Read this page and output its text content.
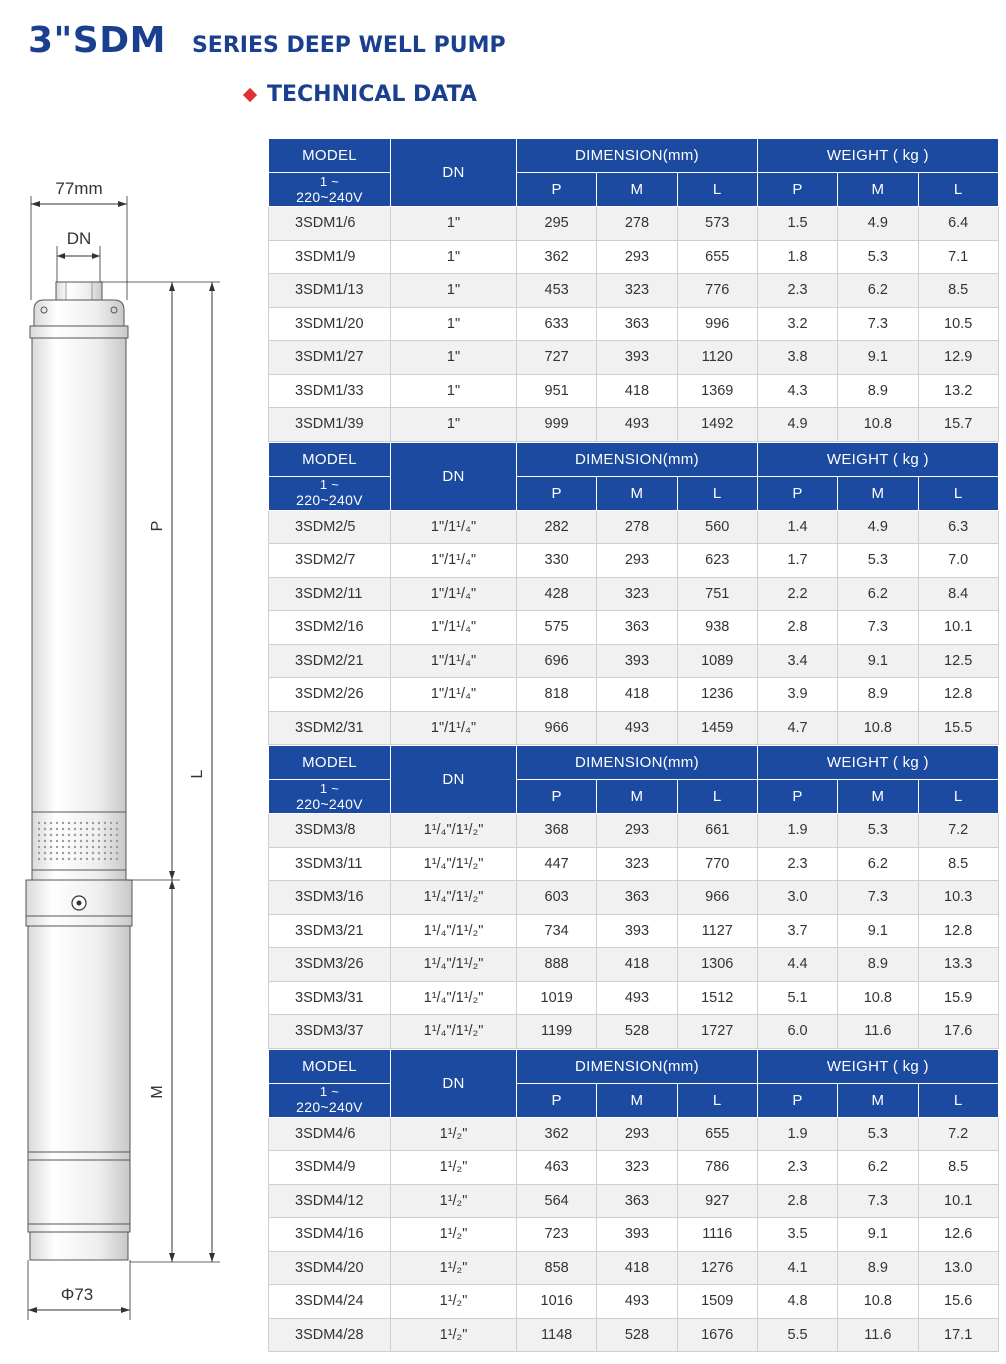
3"SDM SERIES DEEP WELL PUMP
TECHNICAL DATA
77mm
DN
Φ73
P
L
M
MODEL	DN	DIMENSION(mm)			WEIGHT ( kg )		

1 ~
220~240V		P	M	L	P	M	L
3SDM1/6	1"	295	278	573	1.5	4.9	6.4
3SDM1/9	1"	362	293	655	1.8	5.3	7.1
3SDM1/13	1"	453	323	776	2.3	6.2	8.5
3SDM1/20	1"	633	363	996	3.2	7.3	10.5
3SDM1/27	1"	727	393	1120	3.8	9.1	12.9
3SDM1/33	1"	951	418	1369	4.3	8.9	13.2
3SDM1/39	1"	999	493	1492	4.9	10.8	15.7
MODEL	DN	DIMENSION(mm)			WEIGHT ( kg )		

1 ~
220~240V		P	M	L	P	M	L
3SDM2/5	1"/1¹/₄"	282	278	560	1.4	4.9	6.3
3SDM2/7	1"/1¹/₄"	330	293	623	1.7	5.3	7.0
3SDM2/11	1"/1¹/₄"	428	323	751	2.2	6.2	8.4
3SDM2/16	1"/1¹/₄"	575	363	938	2.8	7.3	10.1
3SDM2/21	1"/1¹/₄"	696	393	1089	3.4	9.1	12.5
3SDM2/26	1"/1¹/₄"	818	418	1236	3.9	8.9	12.8
3SDM2/31	1"/1¹/₄"	966	493	1459	4.7	10.8	15.5
MODEL	DN	DIMENSION(mm)			WEIGHT ( kg )		

1 ~
220~240V		P	M	L	P	M	L
3SDM3/8	1¹/₄"/1¹/₂"	368	293	661	1.9	5.3	7.2
3SDM3/11	1¹/₄"/1¹/₂"	447	323	770	2.3	6.2	8.5
3SDM3/16	1¹/₄"/1¹/₂"	603	363	966	3.0	7.3	10.3
3SDM3/21	1¹/₄"/1¹/₂"	734	393	1127	3.7	9.1	12.8
3SDM3/26	1¹/₄"/1¹/₂"	888	418	1306	4.4	8.9	13.3
3SDM3/31	1¹/₄"/1¹/₂"	1019	493	1512	5.1	10.8	15.9
3SDM3/37	1¹/₄"/1¹/₂"	1199	528	1727	6.0	11.6	17.6
MODEL	DN	DIMENSION(mm)			WEIGHT ( kg )		

1 ~
220~240V		P	M	L	P	M	L
3SDM4/6	1¹/₂"	362	293	655	1.9	5.3	7.2
3SDM4/9	1¹/₂"	463	323	786	2.3	6.2	8.5
3SDM4/12	1¹/₂"	564	363	927	2.8	7.3	10.1
3SDM4/16	1¹/₂"	723	393	1116	3.5	9.1	12.6
3SDM4/20	1¹/₂"	858	418	1276	4.1	8.9	13.0
3SDM4/24	1¹/₂"	1016	493	1509	4.8	10.8	15.6
3SDM4/28	1¹/₂"	1148	528	1676	5.5	11.6	17.1
